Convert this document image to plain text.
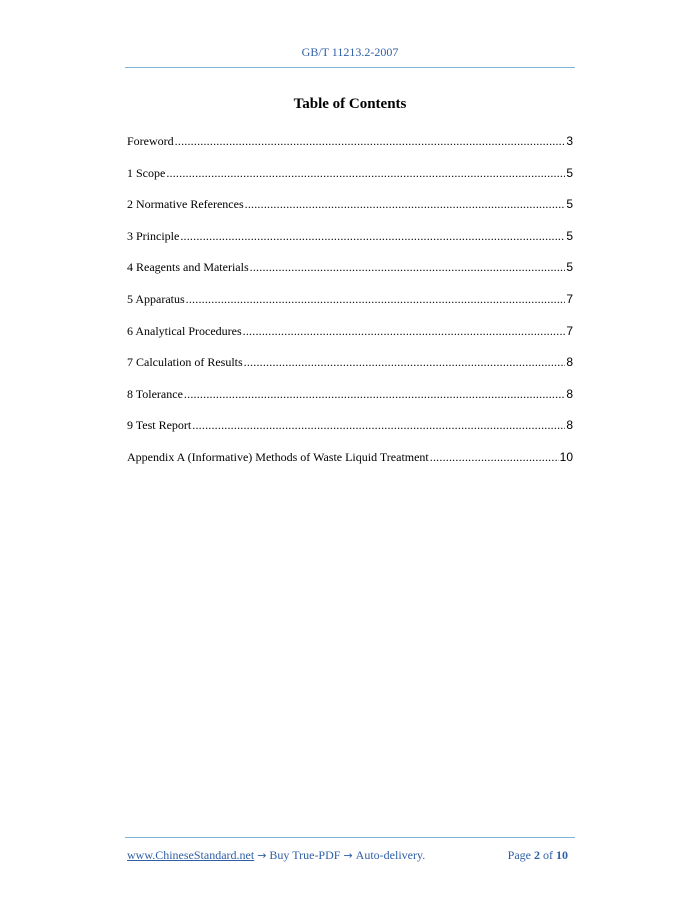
GB/T 11213.2-2007
Table of Contents
Foreword .....	3
1 Scope .....	5
2 Normative References .....	5
3 Principle .....	5
4 Reagents and Materials .....	5
5 Apparatus .....	7
6 Analytical Procedures .....	7
7 Calculation of Results .....	8
8 Tolerance .....	8
9 Test Report .....	8
Appendix A (Informative) Methods of Waste Liquid Treatment .....	10
www.ChineseStandard.net → Buy True-PDF → Auto-delivery.	Page 2 of 10
